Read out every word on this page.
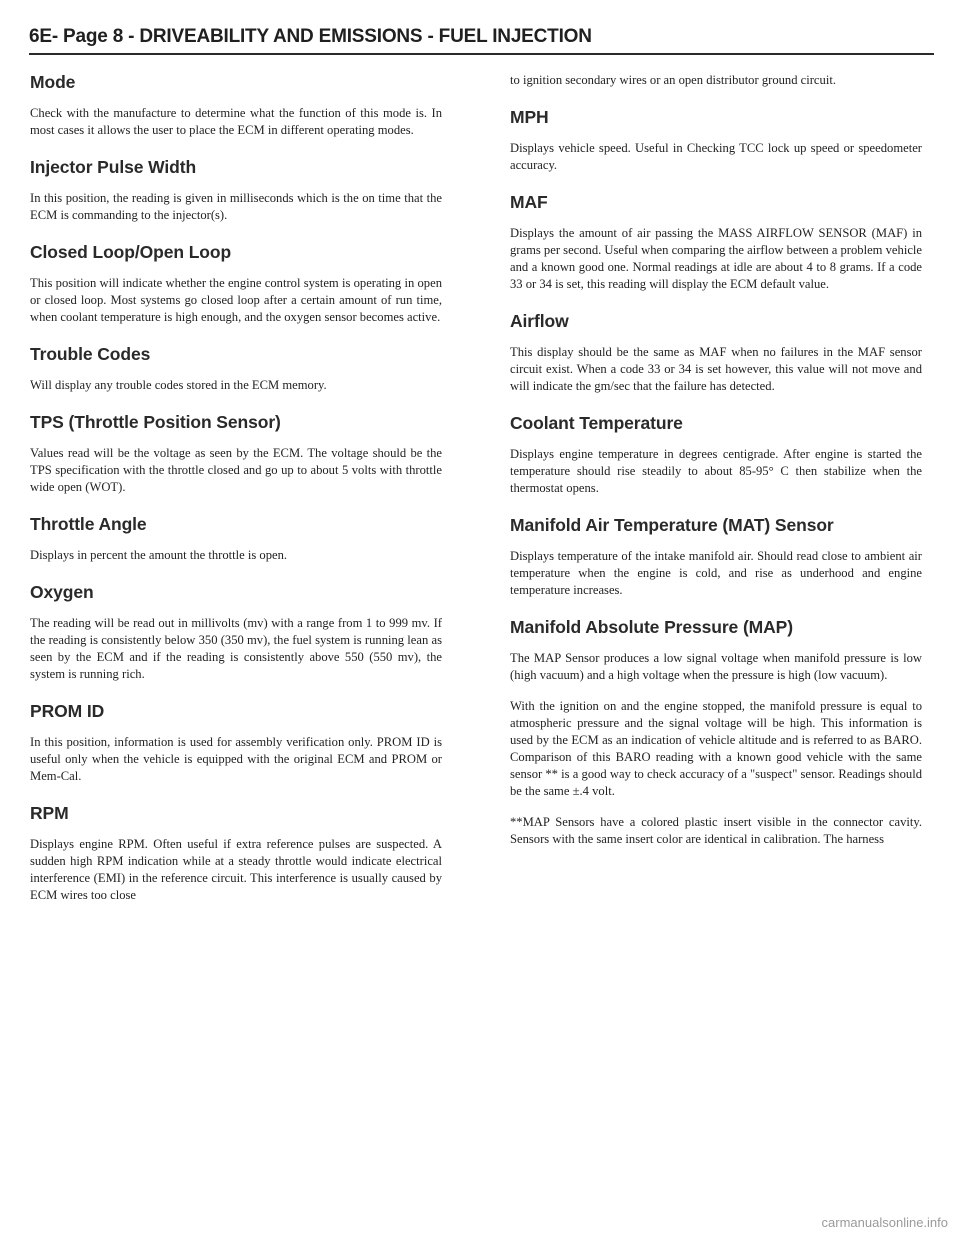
6E- Page 8 - DRIVEABILITY AND EMISSIONS - FUEL INJECTION
Mode

Check with the manufacture to determine what the function of this mode is. In most cases it allows the user to place the ECM in different operating modes.

Injector Pulse Width

In this position, the reading is given in milliseconds which is the on time that the ECM is commanding to the injector(s).

Closed Loop/Open Loop

This position will indicate whether the engine control system is operating in open or closed loop. Most systems go closed loop after a certain amount of run time, when coolant temperature is high enough, and the oxygen sensor becomes active.

Trouble Codes

Will display any trouble codes stored in the ECM memory.

TPS (Throttle Position Sensor)

Values read will be the voltage as seen by the ECM. The voltage should be the TPS specification with the throttle closed and go up to about 5 volts with throttle wide open (WOT).

Throttle Angle

Displays in percent the amount the throttle is open.

Oxygen

The reading will be read out in millivolts (mv) with a range from 1 to 999 mv. If the reading is consistently below 350 (350 mv), the fuel system is running lean as seen by the ECM and if the reading is consistently above 550 (550 mv), the system is running rich.

PROM ID

In this position, information is used for assembly verification only. PROM ID is useful only when the vehicle is equipped with the original ECM and PROM or Mem-Cal.

RPM

Displays engine RPM. Often useful if extra reference pulses are suspected. A sudden high RPM indication while at a steady throttle would indicate electrical interference (EMI) in the reference circuit. This interference is usually caused by ECM wires too close

to ignition secondary wires or an open distributor ground circuit.

MPH

Displays vehicle speed. Useful in Checking TCC lock up speed or speedometer accuracy.

MAF

Displays the amount of air passing the MASS AIRFLOW SENSOR (MAF) in grams per second. Useful when comparing the airflow between a problem vehicle and a known good one. Normal readings at idle are about 4 to 8 grams. If a code 33 or 34 is set, this reading will display the ECM default value.

Airflow

This display should be the same as MAF when no failures in the MAF sensor circuit exist. When a code 33 or 34 is set however, this value will not move and will indicate the gm/sec that the failure has detected.

Coolant Temperature

Displays engine temperature in degrees centigrade. After engine is started the temperature should rise steadily to about 85-95° C then stabilize when the thermostat opens.

Manifold Air Temperature (MAT) Sensor

Displays temperature of the intake manifold air. Should read close to ambient air temperature when the engine is cold, and rise as underhood and engine temperature increases.

Manifold Absolute Pressure (MAP)

The MAP Sensor produces a low signal voltage when manifold pressure is low (high vacuum) and a high voltage when the pressure is high (low vacuum).

With the ignition on and the engine stopped, the manifold pressure is equal to atmospheric pressure and the signal voltage will be high. This information is used by the ECM as an indication of vehicle altitude and is referred to as BARO. Comparison of this BARO reading with a known good vehicle with the same sensor ** is a good way to check accuracy of a "suspect" sensor. Readings should be the same ±.4 volt.

**MAP Sensors have a colored plastic insert visible in the connector cavity. Sensors with the same insert color are identical in calibration. The harness

carmanualsonline.info
